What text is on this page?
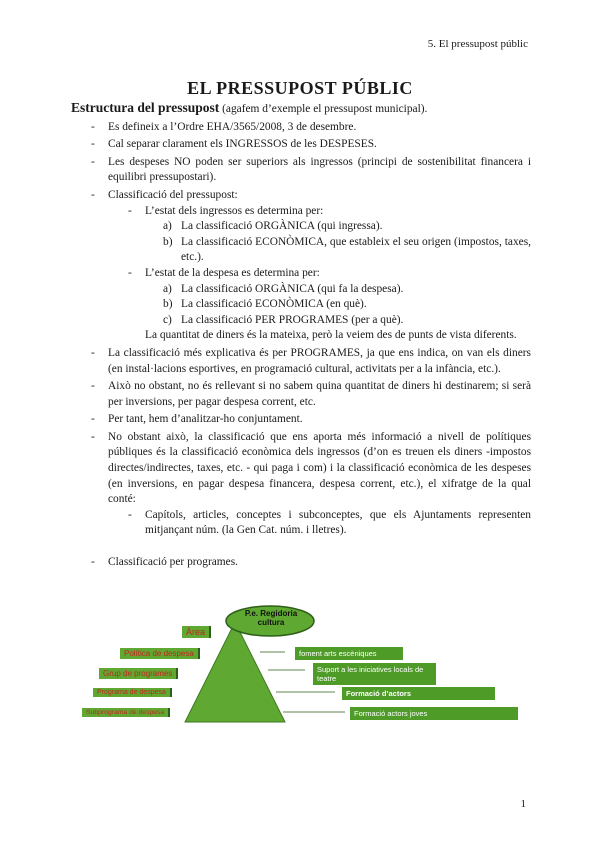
5. El pressupost públic
EL PRESSUPOST PÚBLIC
Estructura del pressupost (agafem d’exemple el pressupost municipal).
- Es defineix a l’Ordre EHA/3565/2008, 3 de desembre.
- Cal separar clarament els INGRESSOS de les DESPESES.
- Les despeses NO poden ser superiors als ingressos (principi de sostenibilitat financera i equilibri pressupostari).
- Classificació del pressupost:
- L’estat dels ingressos es determina per:
a) La classificació ORGÀNICA (qui ingressa).
b) La classificació ECONÒMICA, que estableix el seu origen (impostos, taxes, etc.).
- L’estat de la despesa es determina per:
a) La classificació ORGÀNICA (qui fa la despesa).
b) La classificació ECONÒMICA (en què).
c) La classificació PER PROGRAMES (per a què).
La quantitat de diners és la mateixa, però la veiem des de punts de vista diferents.
- La classificació més explicativa és per PROGRAMES, ja que ens indica, on van els diners (en instal·lacions esportives, en programació cultural, activitats per a la infància, etc.).
- Això no obstant, no és rellevant si no sabem quina quantitat de diners hi destinarem; si serà per inversions, per pagar despesa corrent, etc.
- Per tant, hem d’analitzar-ho conjuntament.
- No obstant això, la classificació que ens aporta més informació a nivell de polítiques públiques és la classificació econòmica dels ingressos (d’on es treuen els diners -impostos directes/indirectes, taxes, etc. - qui paga i com) i la classificació econòmica de les despeses (en inversions, en pagar despesa financera, despesa corrent, etc.), el xifratge de la qual conté:
- Capítols, articles, conceptes i subconceptes, que els Ajuntaments representen mitjançant núm. (la Gen Cat. núm. i lletres).
- Classificació per programes.
P.e. Regidoria cultura
Àrea
Política de despesa
Grup de programes
Programa de despesa
Subprograma de despesa
foment arts escèniques
Suport a les iniciatives locals de teatre
Formació d’actors
Formació actors joves
1
